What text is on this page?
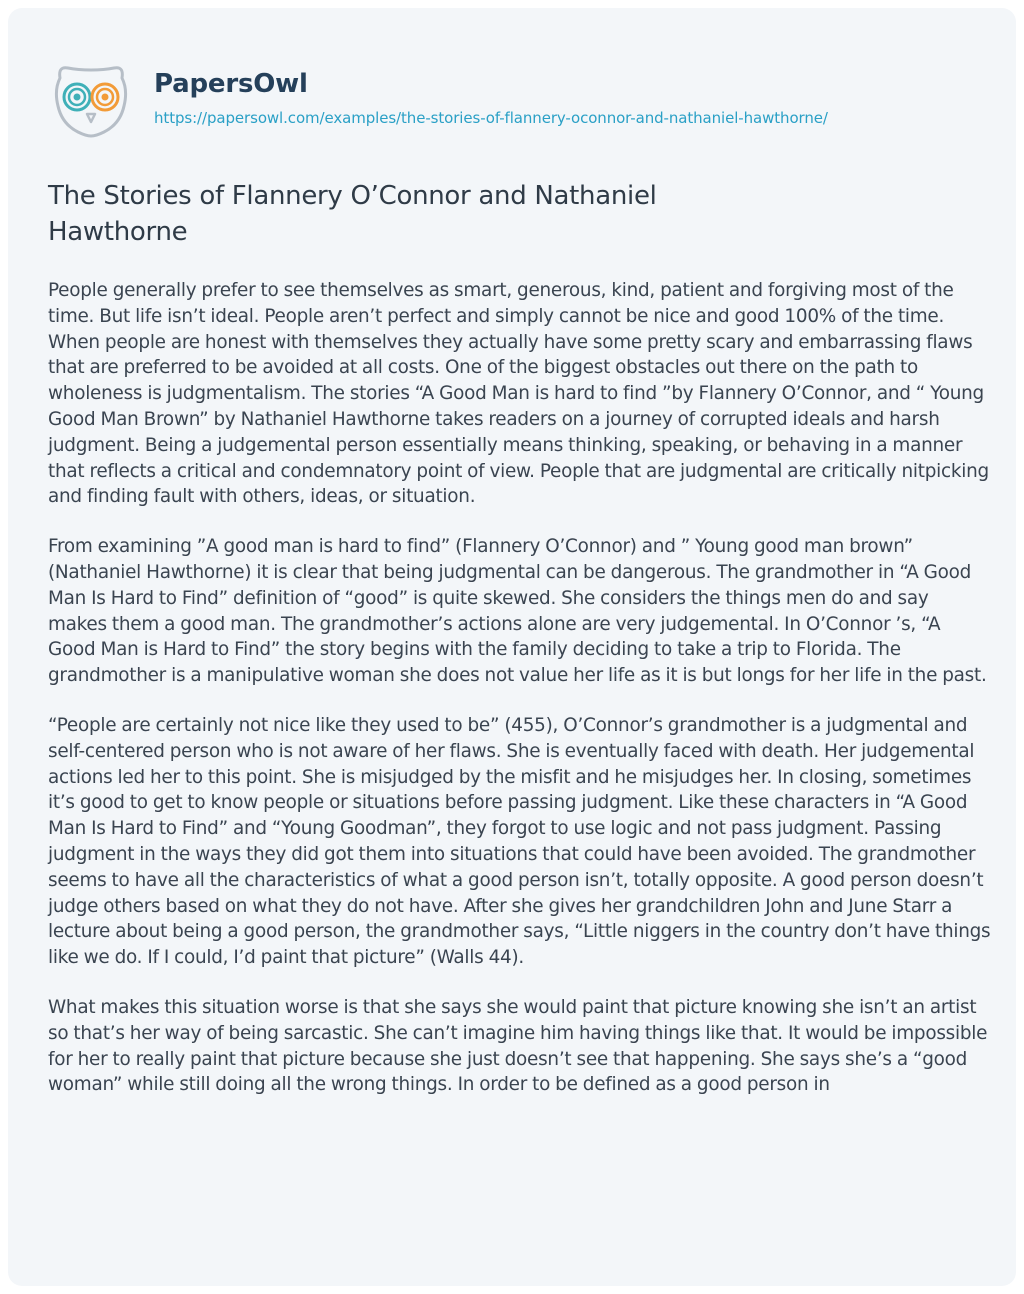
PapersOwl
https://papersowl.com/examples/the-stories-of-flannery-oconnor-and-nathaniel-hawthorne/
The Stories of Flannery O’Connor and Nathaniel Hawthorne

People generally prefer to see themselves as smart, generous, kind, patient and forgiving most of the time. But life isn’t ideal. People aren’t perfect and simply cannot be nice and good 100% of the time. When people are honest with themselves they actually have some pretty scary and embarrassing flaws that are preferred to be avoided at all costs. One of the biggest obstacles out there on the path to wholeness is judgmentalism. The stories “A Good Man is hard to find ”by Flannery O’Connor, and “ Young Good Man Brown” by Nathaniel Hawthorne takes readers on a journey of corrupted ideals and harsh judgment. Being a judgemental person essentially means thinking, speaking, or behaving in a manner that reflects a critical and condemnatory point of view. People that are judgmental are critically nitpicking and finding fault with others, ideas, or situation.

From examining ”A good man is hard to find” (Flannery O’Connor) and ” Young good man brown” (Nathaniel Hawthorne) it is clear that being judgmental can be dangerous. The grandmother in “A Good Man Is Hard to Find” definition of “good” is quite skewed. She considers the things men do and say makes them a good man. The grandmother’s actions alone are very judgemental. In O’Connor ’s, “A Good Man is Hard to Find” the story begins with the family deciding to take a trip to Florida. The grandmother is a manipulative woman she does not value her life as it is but longs for her life in the past.

“People are certainly not nice like they used to be” (455), O’Connor’s grandmother is a judgmental and self-centered person who is not aware of her flaws. She is eventually faced with death. Her judgemental actions led her to this point. She is misjudged by the misfit and he misjudges her. In closing, sometimes it’s good to get to know people or situations before passing judgment. Like these characters in “A Good Man Is Hard to Find” and “Young Goodman”, they forgot to use logic and not pass judgment. Passing judgment in the ways they did got them into situations that could have been avoided. The grandmother seems to have all the characteristics of what a good person isn’t, totally opposite. A good person doesn’t judge others based on what they do not have. After she gives her grandchildren John and June Starr a lecture about being a good person, the grandmother says, “Little niggers in the country don’t have things like we do. If I could, I’d paint that picture” (Walls 44).

What makes this situation worse is that she says she would paint that picture knowing she isn’t an artist so that’s her way of being sarcastic. She can’t imagine him having things like that. It would be impossible for her to really paint that picture because she just doesn’t see that happening. She says she’s a “good woman” while still doing all the wrong things. In order to be defined as a good person in
